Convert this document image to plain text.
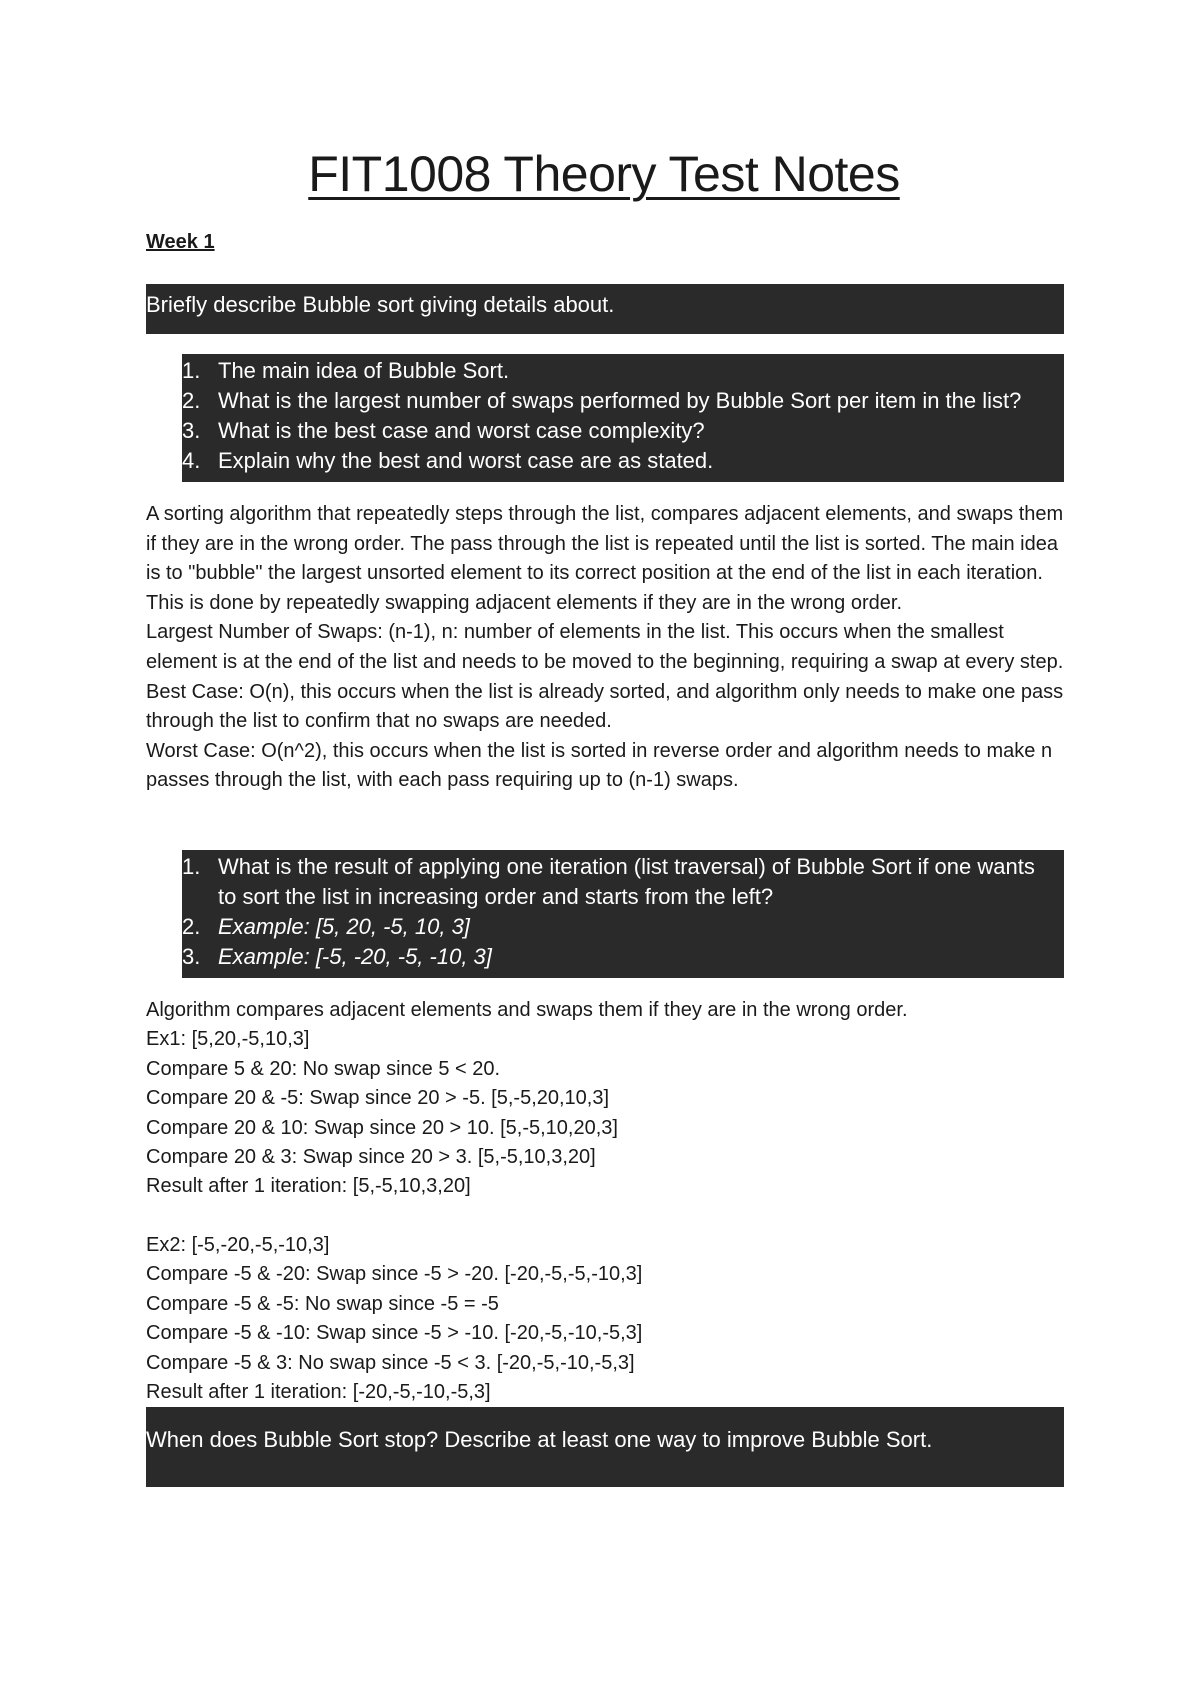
FIT1008 Theory Test Notes
Week 1
Briefly describe Bubble sort giving details about.
1. The main idea of Bubble Sort.
2. What is the largest number of swaps performed by Bubble Sort per item in the list?
3. What is the best case and worst case complexity?
4. Explain why the best and worst case are as stated.

A sorting algorithm that repeatedly steps through the list, compares adjacent elements, and swaps them if they are in the wrong order. The pass through the list is repeated until the list is sorted. The main idea is to "bubble" the largest unsorted element to its correct position at the end of the list in each iteration. This is done by repeatedly swapping adjacent elements if they are in the wrong order.

Largest Number of Swaps: (n-1), n: number of elements in the list. This occurs when the smallest element is at the end of the list and needs to be moved to the beginning, requiring a swap at every step.

Best Case: O(n), this occurs when the list is already sorted, and algorithm only needs to make one pass through the list to confirm that no swaps are needed.

Worst Case: O(n^2), this occurs when the list is sorted in reverse order and algorithm needs to make n passes through the list, with each pass requiring up to (n-1) swaps.

1. What is the result of applying one iteration (list traversal) of Bubble Sort if one wants to sort the list in increasing order and starts from the left?
2. Example: [5, 20, -5, 10, 3]
3. Example: [-5, -20, -5, -10, 3]
Algorithm compares adjacent elements and swaps them if they are in the wrong order.
Ex1: [5,20,-5,10,3]
Compare 5 & 20: No swap since 5 < 20.
Compare 20 & -5: Swap since 20 > -5. [5,-5,20,10,3]
Compare 20 & 10: Swap since 20 > 10. [5,-5,10,20,3]
Compare 20 & 3: Swap since 20 > 3. [5,-5,10,3,20]
Result after 1 iteration: [5,-5,10,3,20]
Ex2: [-5,-20,-5,-10,3]
Compare -5 & -20: Swap since -5 > -20. [-20,-5,-5,-10,3]
Compare -5 & -5: No swap since -5 = -5
Compare -5 & -10: Swap since -5 > -10. [-20,-5,-10,-5,3]
Compare -5 & 3: No swap since -5 < 3. [-20,-5,-10,-5,3]
Result after 1 iteration: [-20,-5,-10,-5,3]
When does Bubble Sort stop? Describe at least one way to improve Bubble Sort.
